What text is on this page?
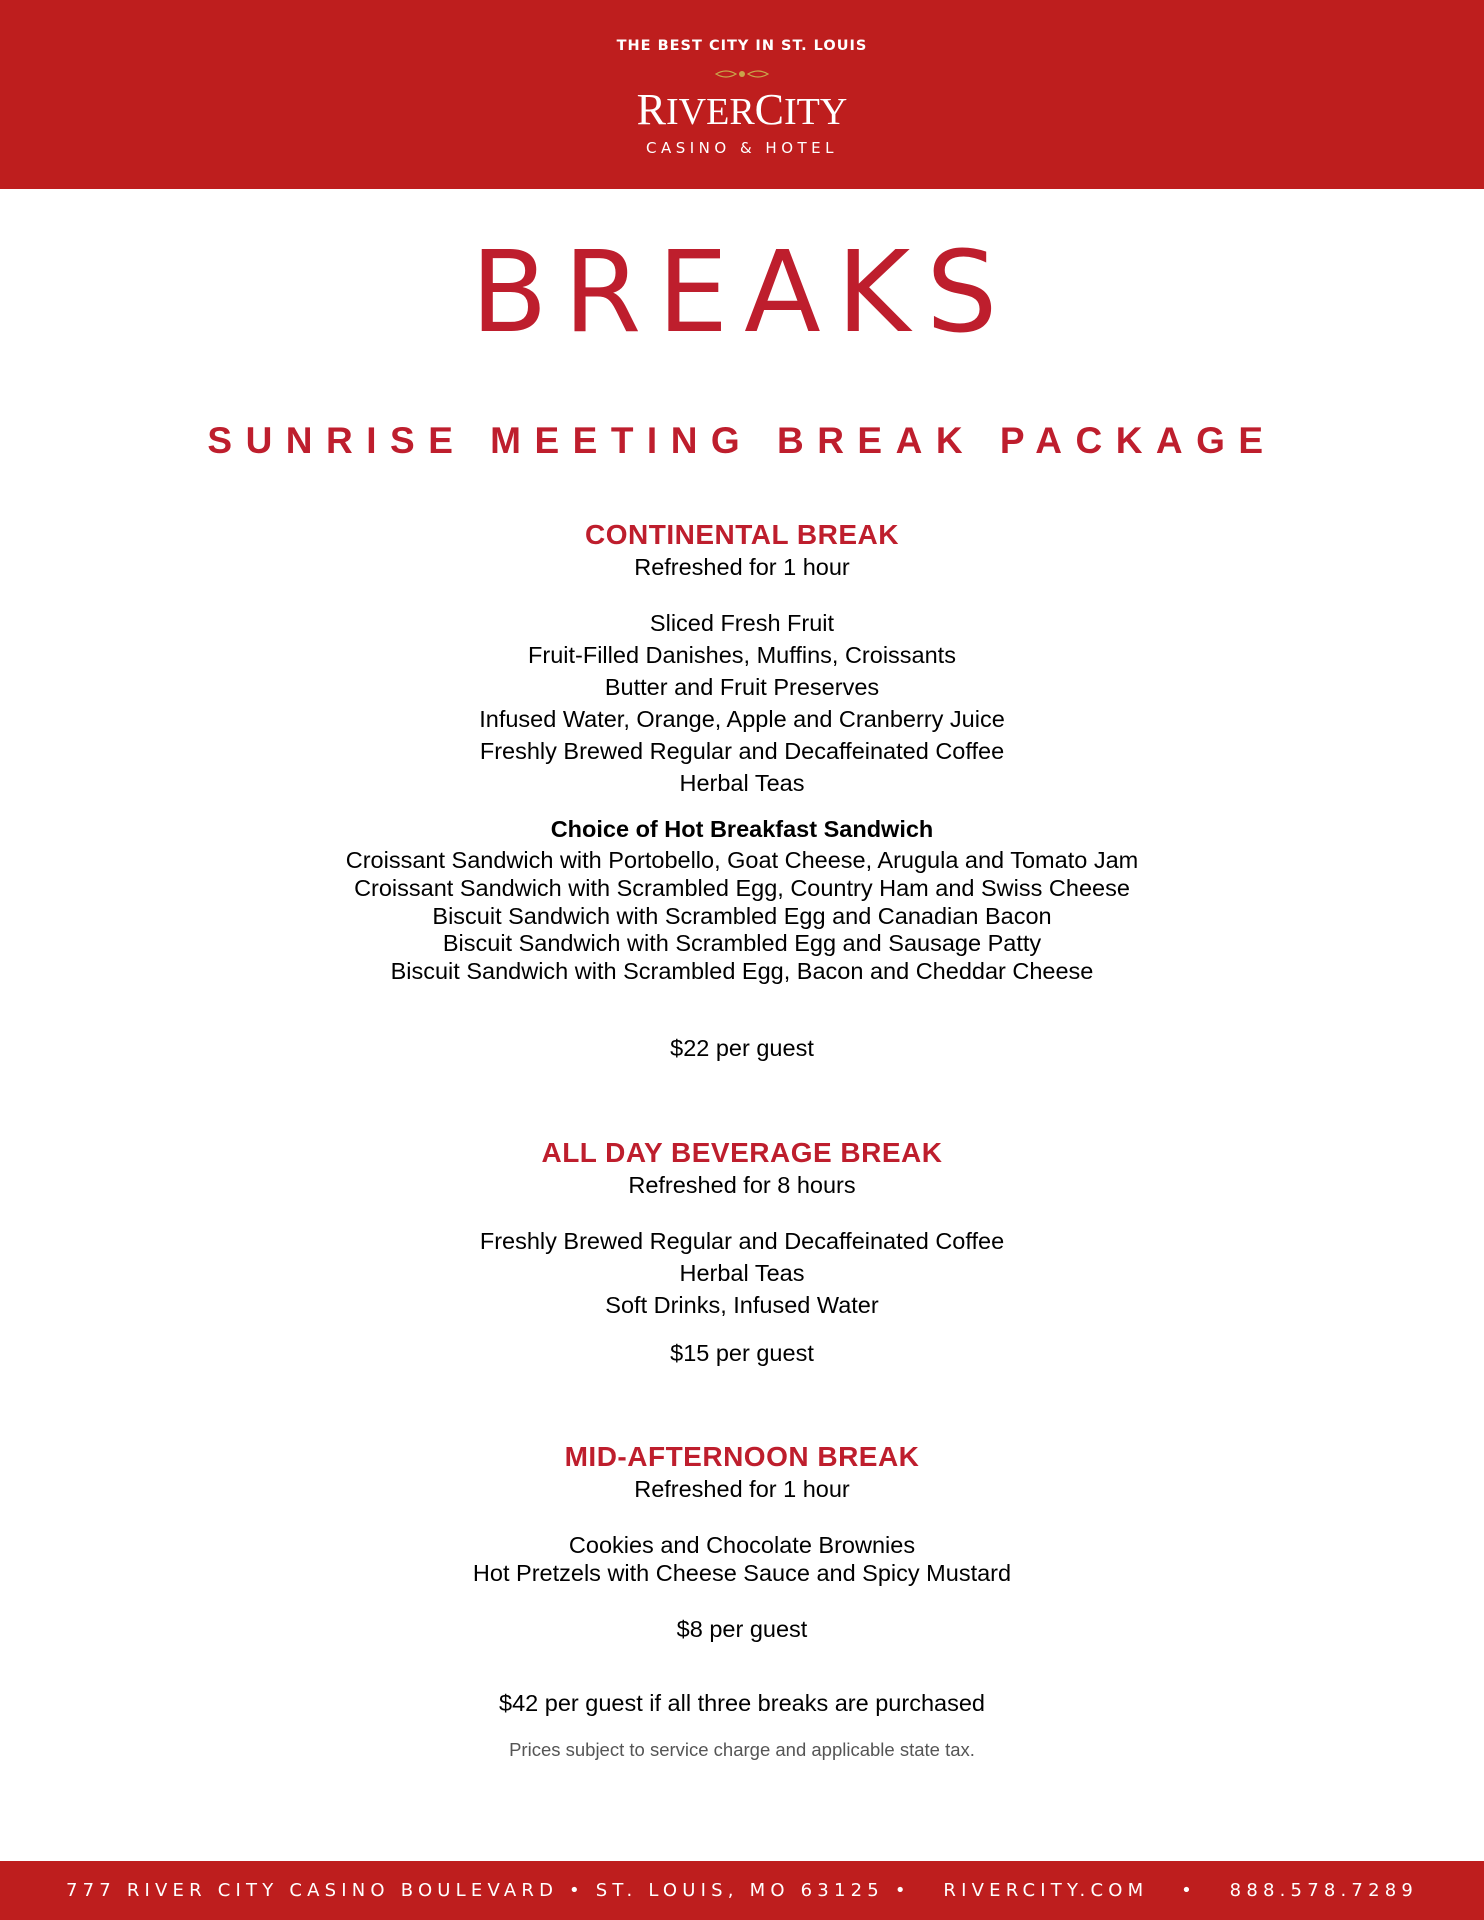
THE BEST CITY IN ST. LOUIS
RIVERCITY
CASINO & HOTEL
BREAKS
SUNRISE MEETING BREAK PACKAGE
CONTINENTAL BREAK
Refreshed for 1 hour
Sliced Fresh Fruit
Fruit-Filled Danishes, Muffins, Croissants
Butter and Fruit Preserves
Infused Water, Orange, Apple and Cranberry Juice
Freshly Brewed Regular and Decaffeinated Coffee
Herbal Teas
Choice of Hot Breakfast Sandwich
Croissant Sandwich with Portobello, Goat Cheese, Arugula and Tomato Jam
Croissant Sandwich with Scrambled Egg, Country Ham and Swiss Cheese
Biscuit Sandwich with Scrambled Egg and Canadian Bacon
Biscuit Sandwich with Scrambled Egg and Sausage Patty
Biscuit Sandwich with Scrambled Egg, Bacon and Cheddar Cheese
$22 per guest
ALL DAY BEVERAGE BREAK
Refreshed for 8 hours
Freshly Brewed Regular and Decaffeinated Coffee
Herbal Teas
Soft Drinks, Infused Water
$15 per guest
MID-AFTERNOON BREAK
Refreshed for 1 hour
Cookies and Chocolate Brownies
Hot Pretzels with Cheese Sauce and Spicy Mustard
$8 per guest
$42 per guest if all three breaks are purchased
Prices subject to service charge and applicable state tax.
777 RIVER CITY CASINO BOULEVARD • ST. LOUIS, MO 63125 •   RIVERCITY.COM   •   888.578.7289
